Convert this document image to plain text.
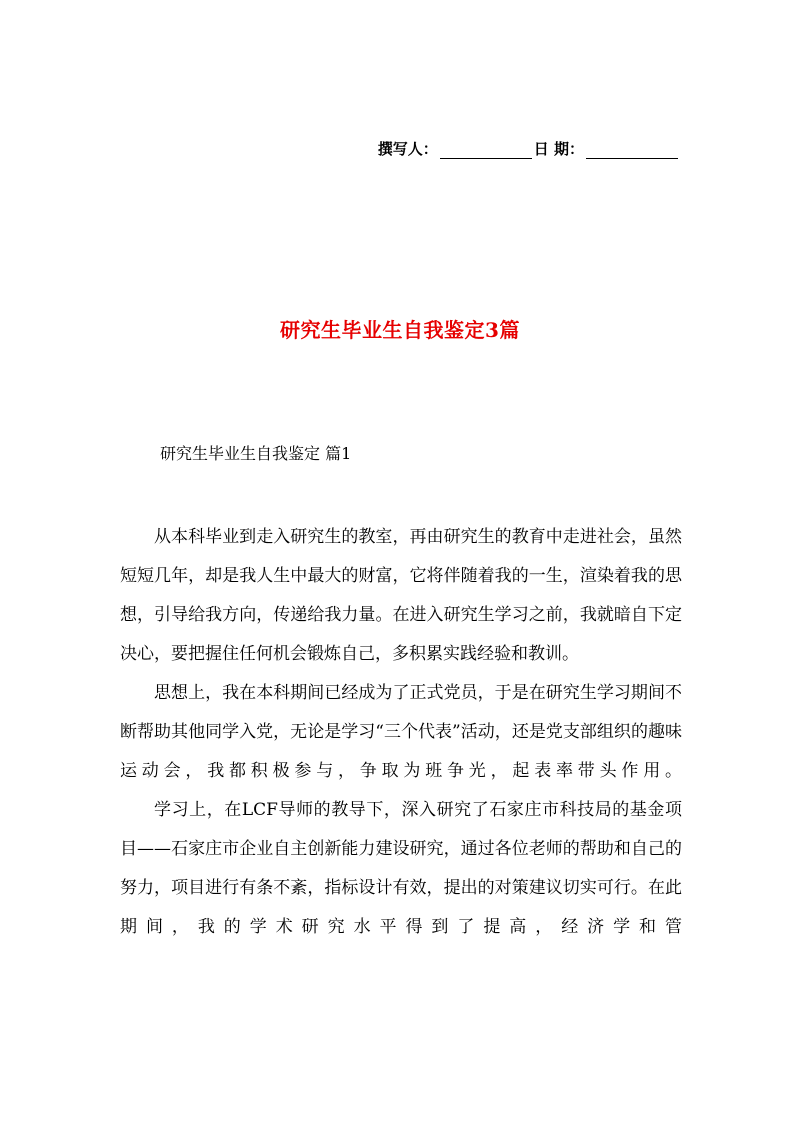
撰写人：	日 期：
研究生毕业生自我鉴定3篇
研究生毕业生自我鉴定 篇1

从本科毕业到走入研究生的教室，再由研究生的教育中走进社会，虽然短短几年，却是我人生中最大的财富，它将伴随着我的一生，渲染着我的思想，引导给我方向，传递给我力量。在进入研究生学习之前，我就暗自下定决心，要把握住任何机会锻炼自己，多积累实践经验和教训。

思想上，我在本科期间已经成为了正式党员，于是在研究生学习期间不断帮助其他同学入党，无论是学习“三个代表”活动，还是党支部组织的趣味运动会，我都积极参与，争取为班争光，起表率带头作用。

学习上，在LCF导师的教导下，深入研究了石家庄市科技局的基金项目——石家庄市企业自主创新能力建设研究，通过各位老师的帮助和自己的努力，项目进行有条不紊，指标设计有效，提出的对策建议切实可行。在此期间，我的学术研究水平得到了提高，经济学和管
